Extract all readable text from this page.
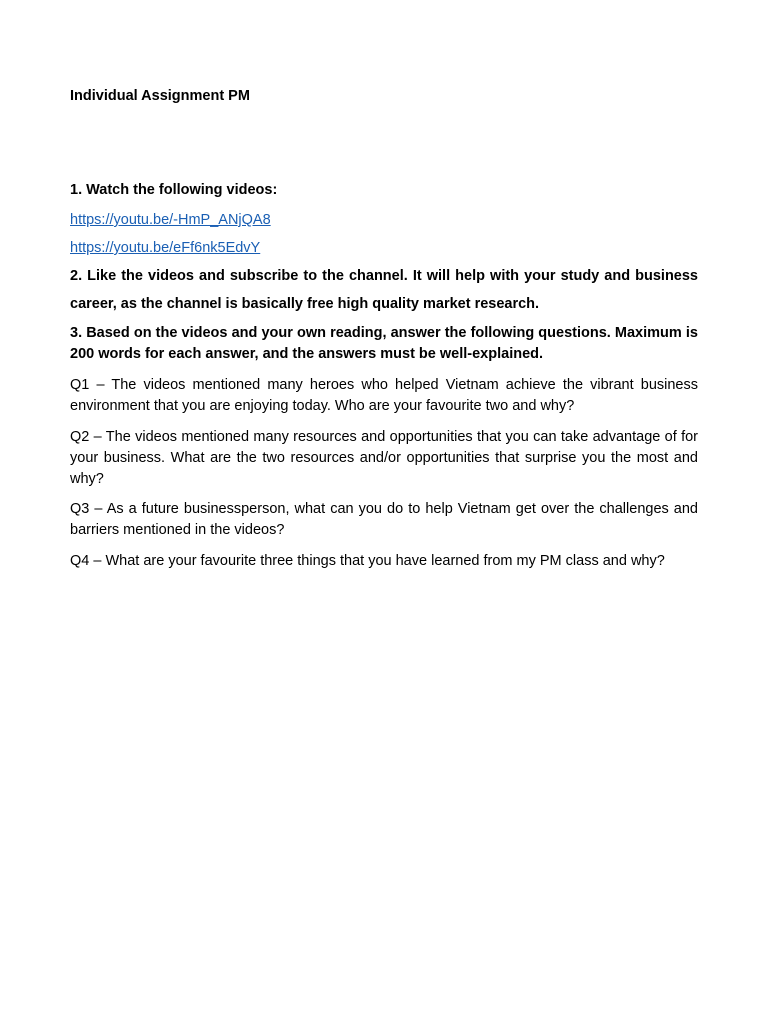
Individual Assignment PM
1. Watch the following videos:
https://youtu.be/-HmP_ANjQA8
https://youtu.be/eFf6nk5EdvY
2. Like the videos and subscribe to the channel. It will help with your study and business career, as the channel is basically free high quality market research.
3. Based on the videos and your own reading, answer the following questions. Maximum is 200 words for each answer, and the answers must be well-explained.
Q1 – The videos mentioned many heroes who helped Vietnam achieve the vibrant business environment that you are enjoying today. Who are your favourite two and why?
Q2 – The videos mentioned many resources and opportunities that you can take advantage of for your business. What are the two resources and/or opportunities that surprise you the most and why?
Q3 – As a future businessperson, what can you do to help Vietnam get over the challenges and barriers mentioned in the videos?
Q4 – What are your favourite three things that you have learned from my PM class and why?
